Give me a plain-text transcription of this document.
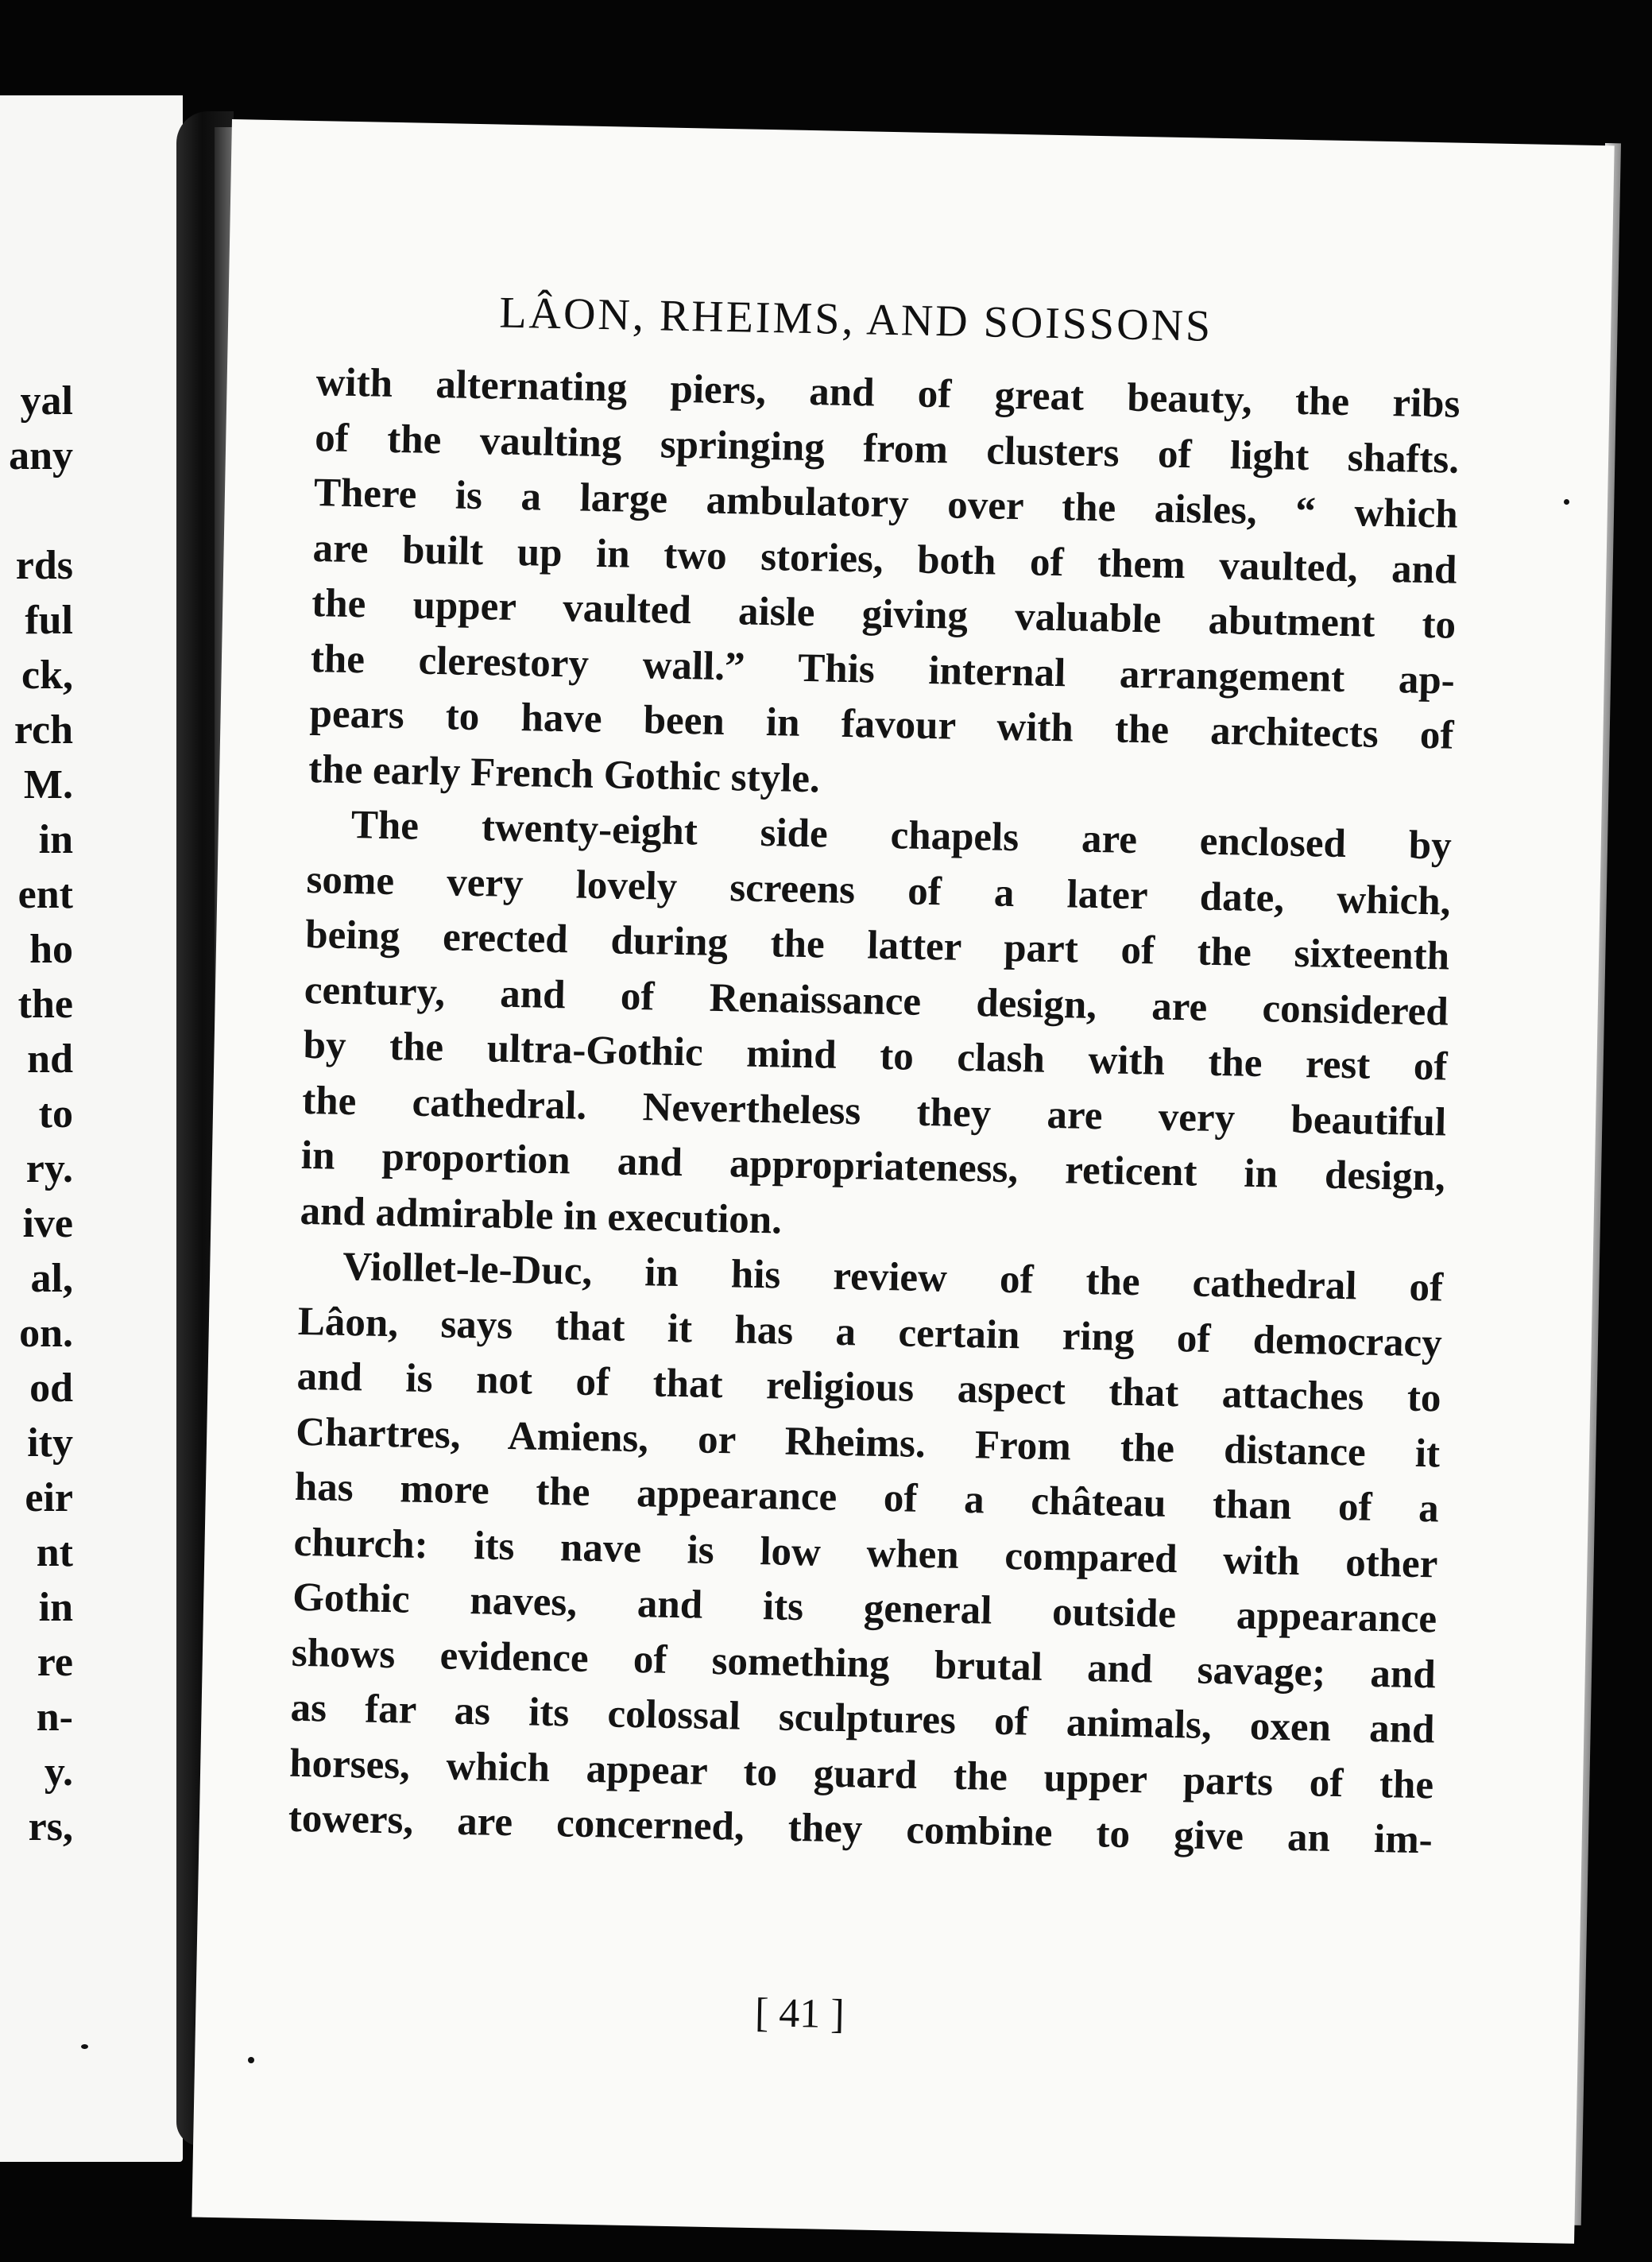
yal
any

rds
ful
ck,
rch
M.
in
ent
ho
the
nd
to
ry.
ive
al,
on.
od
ity
eir
nt
in
re
n-
y.
rs,
LÂON, RHEIMS, AND SOISSONS
with alternating piers, and of great beauty, the ribs
of the vaulting springing from clusters of light shafts.
There is a large ambulatory over the aisles, “ which
are built up in two stories, both of them vaulted, and
the upper vaulted aisle giving valuable abutment to
the clerestory wall.” This internal arrangement ap-
pears to have been in favour with the architects of
the early French Gothic style.
The twenty-eight side chapels are enclosed by
some very lovely screens of a later date, which,
being erected during the latter part of the sixteenth
century, and of Renaissance design, are considered
by the ultra-Gothic mind to clash with the rest of
the cathedral. Nevertheless they are very beautiful
in proportion and appropriateness, reticent in design,
and admirable in execution.
Viollet-le-Duc, in his review of the cathedral of
Lâon, says that it has a certain ring of democracy
and is not of that religious aspect that attaches to
Chartres, Amiens, or Rheims. From the distance it
has more the appearance of a château than of a
church: its nave is low when compared with other
Gothic naves, and its general outside appearance
shows evidence of something brutal and savage; and
as far as its colossal sculptures of animals, oxen and
horses, which appear to guard the upper parts of the
towers, are concerned, they combine to give an im-
[ 41 ]
